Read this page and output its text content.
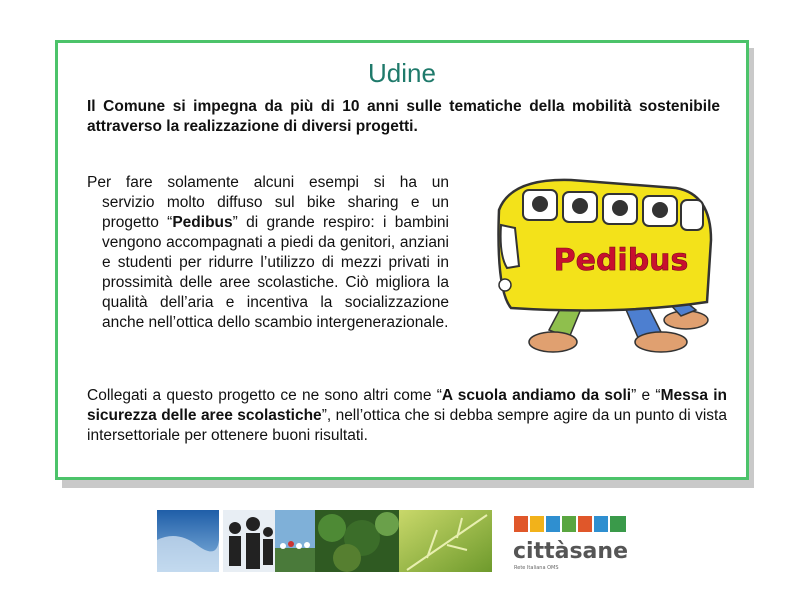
Udine
Il Comune si impegna da più di 10 anni sulle tematiche della mobilità sostenibile attraverso la realizzazione di diversi progetti.
Per fare solamente alcuni esempi si ha un
servizio molto diffuso sul bike sharing e un progetto “Pedibus” di grande respiro: i bambini vengono accompagnati a piedi da genitori, anziani e studenti per ridurre l’utilizzo di mezzi privati in prossimità delle aree scolastiche. Ciò migliora la qualità dell’aria e incentiva la socializzazione anche nell’ottica dello scambio intergenerazionale.
Pedibus
Collegati a questo progetto ce ne sono altri come “A scuola andiamo da soli” e “Messa in sicurezza delle aree scolastiche”, nell’ottica che si debba sempre agire da un punto di vista intersettoriale per ottenere buoni risultati.
cittàsane
Rete Italiana OMS
